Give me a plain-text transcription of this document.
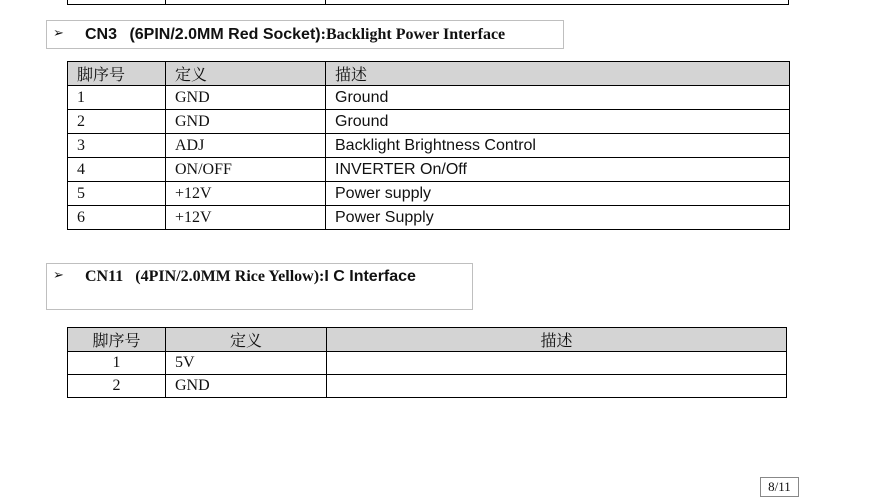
➢ CN3   (6PIN/2.0MM Red Socket):Backlight Power Interface
脚序号	定义	描述
1	GND	Ground
2	GND	Ground
3	ADJ	Backlight Brightness Control
4	ON/OFF	INVERTER On/Off
5	+12V	Power supply
6	+12V	Power Supply
➢ CN11 (4PIN/2.0MM Rice Yellow):I C Interface
脚序号	定义	描述
1	5V	
2	GND	
8/11
